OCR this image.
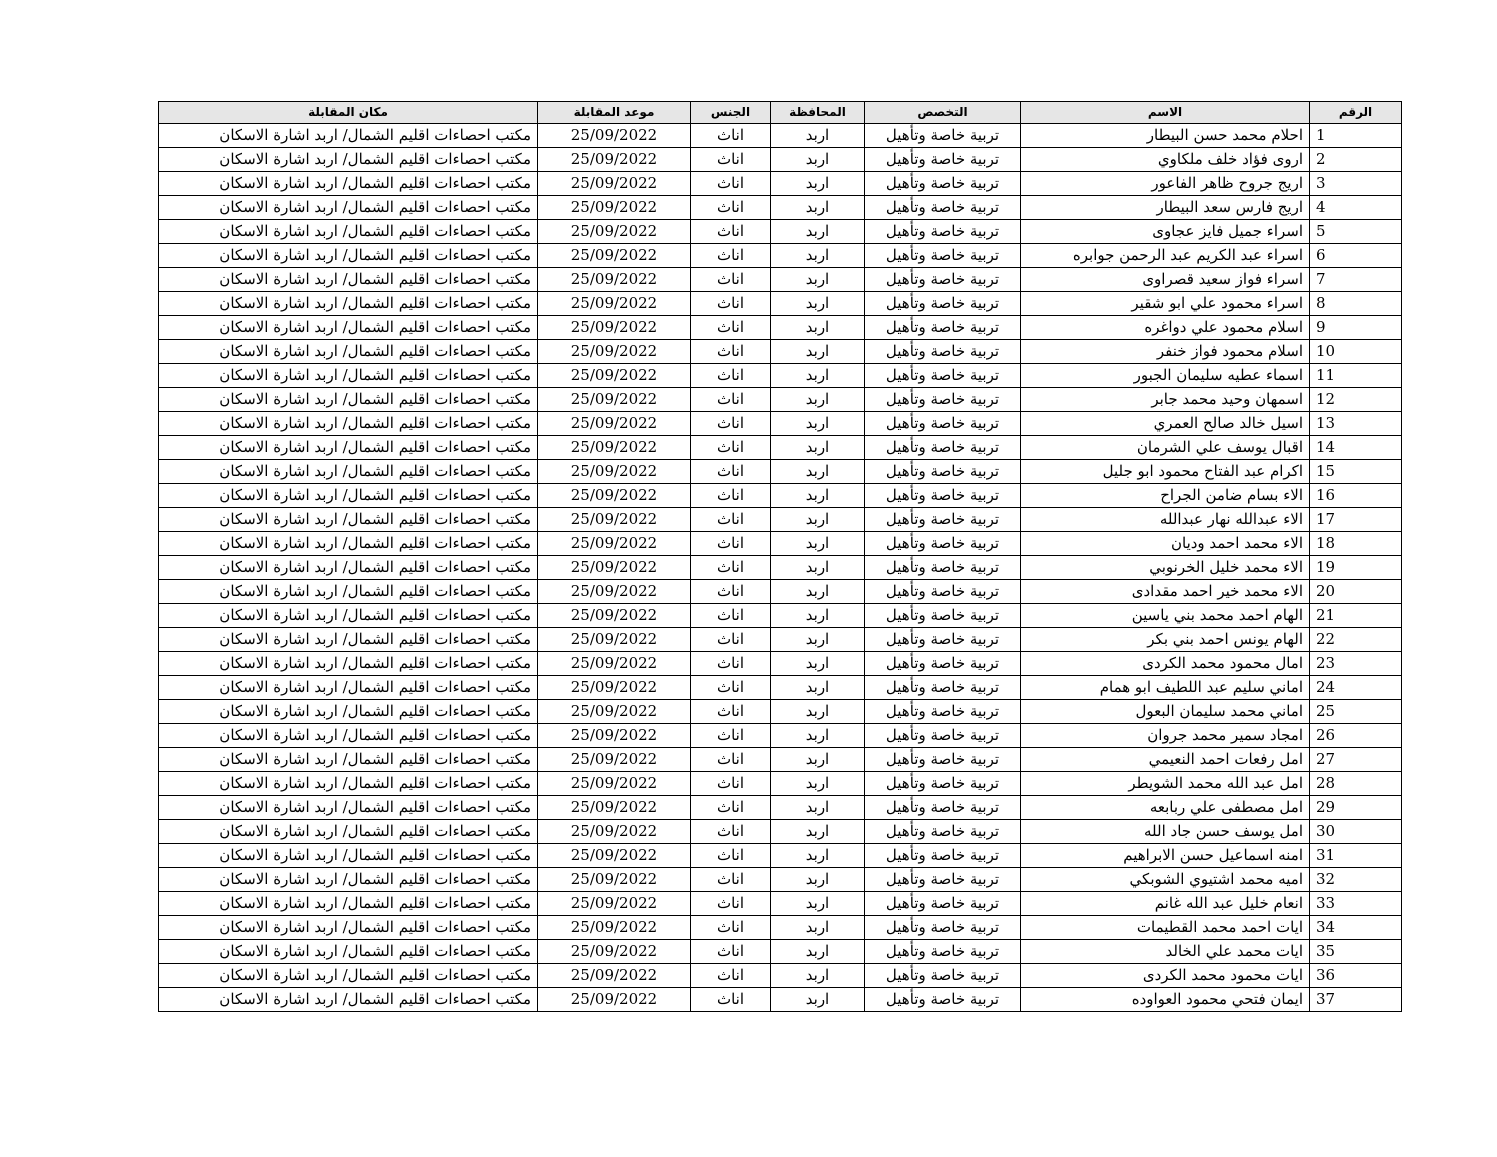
الرقم	الاسم	التخصص	المحافظة	الجنس	موعد المقابلة	مكان المقابلة
1	احلام محمد حسن البيطار	تربية خاصة وتأهيل	اربد	اناث	25/09/2022	مكتب احصاءات اقليم الشمال/ اربد اشارة الاسكان
2	اروى فؤاد خلف ملكاوي	تربية خاصة وتأهيل	اربد	اناث	25/09/2022	مكتب احصاءات اقليم الشمال/ اربد اشارة الاسكان
3	اريج جروح ظاهر الفاعور	تربية خاصة وتأهيل	اربد	اناث	25/09/2022	مكتب احصاءات اقليم الشمال/ اربد اشارة الاسكان
4	اريج فارس سعد البيطار	تربية خاصة وتأهيل	اربد	اناث	25/09/2022	مكتب احصاءات اقليم الشمال/ اربد اشارة الاسكان
5	اسراء جميل فايز عجاوى	تربية خاصة وتأهيل	اربد	اناث	25/09/2022	مكتب احصاءات اقليم الشمال/ اربد اشارة الاسكان
6	اسراء عبد الكريم عبد الرحمن جوابره	تربية خاصة وتأهيل	اربد	اناث	25/09/2022	مكتب احصاءات اقليم الشمال/ اربد اشارة الاسكان
7	اسراء فواز سعيد قصراوى	تربية خاصة وتأهيل	اربد	اناث	25/09/2022	مكتب احصاءات اقليم الشمال/ اربد اشارة الاسكان
8	اسراء محمود علي ابو شقير	تربية خاصة وتأهيل	اربد	اناث	25/09/2022	مكتب احصاءات اقليم الشمال/ اربد اشارة الاسكان
9	اسلام محمود علي دواغره	تربية خاصة وتأهيل	اربد	اناث	25/09/2022	مكتب احصاءات اقليم الشمال/ اربد اشارة الاسكان
10	اسلام محمود فواز خنفر	تربية خاصة وتأهيل	اربد	اناث	25/09/2022	مكتب احصاءات اقليم الشمال/ اربد اشارة الاسكان
11	اسماء عطيه سليمان الجبور	تربية خاصة وتأهيل	اربد	اناث	25/09/2022	مكتب احصاءات اقليم الشمال/ اربد اشارة الاسكان
12	اسمهان وحيد محمد جابر	تربية خاصة وتأهيل	اربد	اناث	25/09/2022	مكتب احصاءات اقليم الشمال/ اربد اشارة الاسكان
13	اسيل خالد صالح العمري	تربية خاصة وتأهيل	اربد	اناث	25/09/2022	مكتب احصاءات اقليم الشمال/ اربد اشارة الاسكان
14	اقبال يوسف علي الشرمان	تربية خاصة وتأهيل	اربد	اناث	25/09/2022	مكتب احصاءات اقليم الشمال/ اربد اشارة الاسكان
15	اكرام عبد الفتاح محمود ابو جليل	تربية خاصة وتأهيل	اربد	اناث	25/09/2022	مكتب احصاءات اقليم الشمال/ اربد اشارة الاسكان
16	الاء بسام ضامن الجراح	تربية خاصة وتأهيل	اربد	اناث	25/09/2022	مكتب احصاءات اقليم الشمال/ اربد اشارة الاسكان
17	الاء عبدالله نهار عبدالله	تربية خاصة وتأهيل	اربد	اناث	25/09/2022	مكتب احصاءات اقليم الشمال/ اربد اشارة الاسكان
18	الاء محمد احمد وديان	تربية خاصة وتأهيل	اربد	اناث	25/09/2022	مكتب احصاءات اقليم الشمال/ اربد اشارة الاسكان
19	الاء محمد خليل الخرنوبي	تربية خاصة وتأهيل	اربد	اناث	25/09/2022	مكتب احصاءات اقليم الشمال/ اربد اشارة الاسكان
20	الاء محمد خير احمد مقدادى	تربية خاصة وتأهيل	اربد	اناث	25/09/2022	مكتب احصاءات اقليم الشمال/ اربد اشارة الاسكان
21	الهام احمد محمد بني ياسين	تربية خاصة وتأهيل	اربد	اناث	25/09/2022	مكتب احصاءات اقليم الشمال/ اربد اشارة الاسكان
22	الهام يونس احمد بني بكر	تربية خاصة وتأهيل	اربد	اناث	25/09/2022	مكتب احصاءات اقليم الشمال/ اربد اشارة الاسكان
23	امال محمود محمد الكردى	تربية خاصة وتأهيل	اربد	اناث	25/09/2022	مكتب احصاءات اقليم الشمال/ اربد اشارة الاسكان
24	اماني سليم عبد اللطيف ابو همام	تربية خاصة وتأهيل	اربد	اناث	25/09/2022	مكتب احصاءات اقليم الشمال/ اربد اشارة الاسكان
25	اماني محمد سليمان البعول	تربية خاصة وتأهيل	اربد	اناث	25/09/2022	مكتب احصاءات اقليم الشمال/ اربد اشارة الاسكان
26	امجاد سمير محمد جروان	تربية خاصة وتأهيل	اربد	اناث	25/09/2022	مكتب احصاءات اقليم الشمال/ اربد اشارة الاسكان
27	امل رفعات احمد النعيمي	تربية خاصة وتأهيل	اربد	اناث	25/09/2022	مكتب احصاءات اقليم الشمال/ اربد اشارة الاسكان
28	امل عبد الله محمد الشويطر	تربية خاصة وتأهيل	اربد	اناث	25/09/2022	مكتب احصاءات اقليم الشمال/ اربد اشارة الاسكان
29	امل مصطفى علي ربابعه	تربية خاصة وتأهيل	اربد	اناث	25/09/2022	مكتب احصاءات اقليم الشمال/ اربد اشارة الاسكان
30	امل يوسف حسن جاد الله	تربية خاصة وتأهيل	اربد	اناث	25/09/2022	مكتب احصاءات اقليم الشمال/ اربد اشارة الاسكان
31	امنه اسماعيل حسن الابراهيم	تربية خاصة وتأهيل	اربد	اناث	25/09/2022	مكتب احصاءات اقليم الشمال/ اربد اشارة الاسكان
32	اميه محمد اشتيوي الشوبكي	تربية خاصة وتأهيل	اربد	اناث	25/09/2022	مكتب احصاءات اقليم الشمال/ اربد اشارة الاسكان
33	انعام خليل عبد الله غانم	تربية خاصة وتأهيل	اربد	اناث	25/09/2022	مكتب احصاءات اقليم الشمال/ اربد اشارة الاسكان
34	ايات احمد محمد القطيمات	تربية خاصة وتأهيل	اربد	اناث	25/09/2022	مكتب احصاءات اقليم الشمال/ اربد اشارة الاسكان
35	ايات محمد علي الخالد	تربية خاصة وتأهيل	اربد	اناث	25/09/2022	مكتب احصاءات اقليم الشمال/ اربد اشارة الاسكان
36	ايات محمود محمد الكردى	تربية خاصة وتأهيل	اربد	اناث	25/09/2022	مكتب احصاءات اقليم الشمال/ اربد اشارة الاسكان
37	ايمان فتحي محمود العواوده	تربية خاصة وتأهيل	اربد	اناث	25/09/2022	مكتب احصاءات اقليم الشمال/ اربد اشارة الاسكان
